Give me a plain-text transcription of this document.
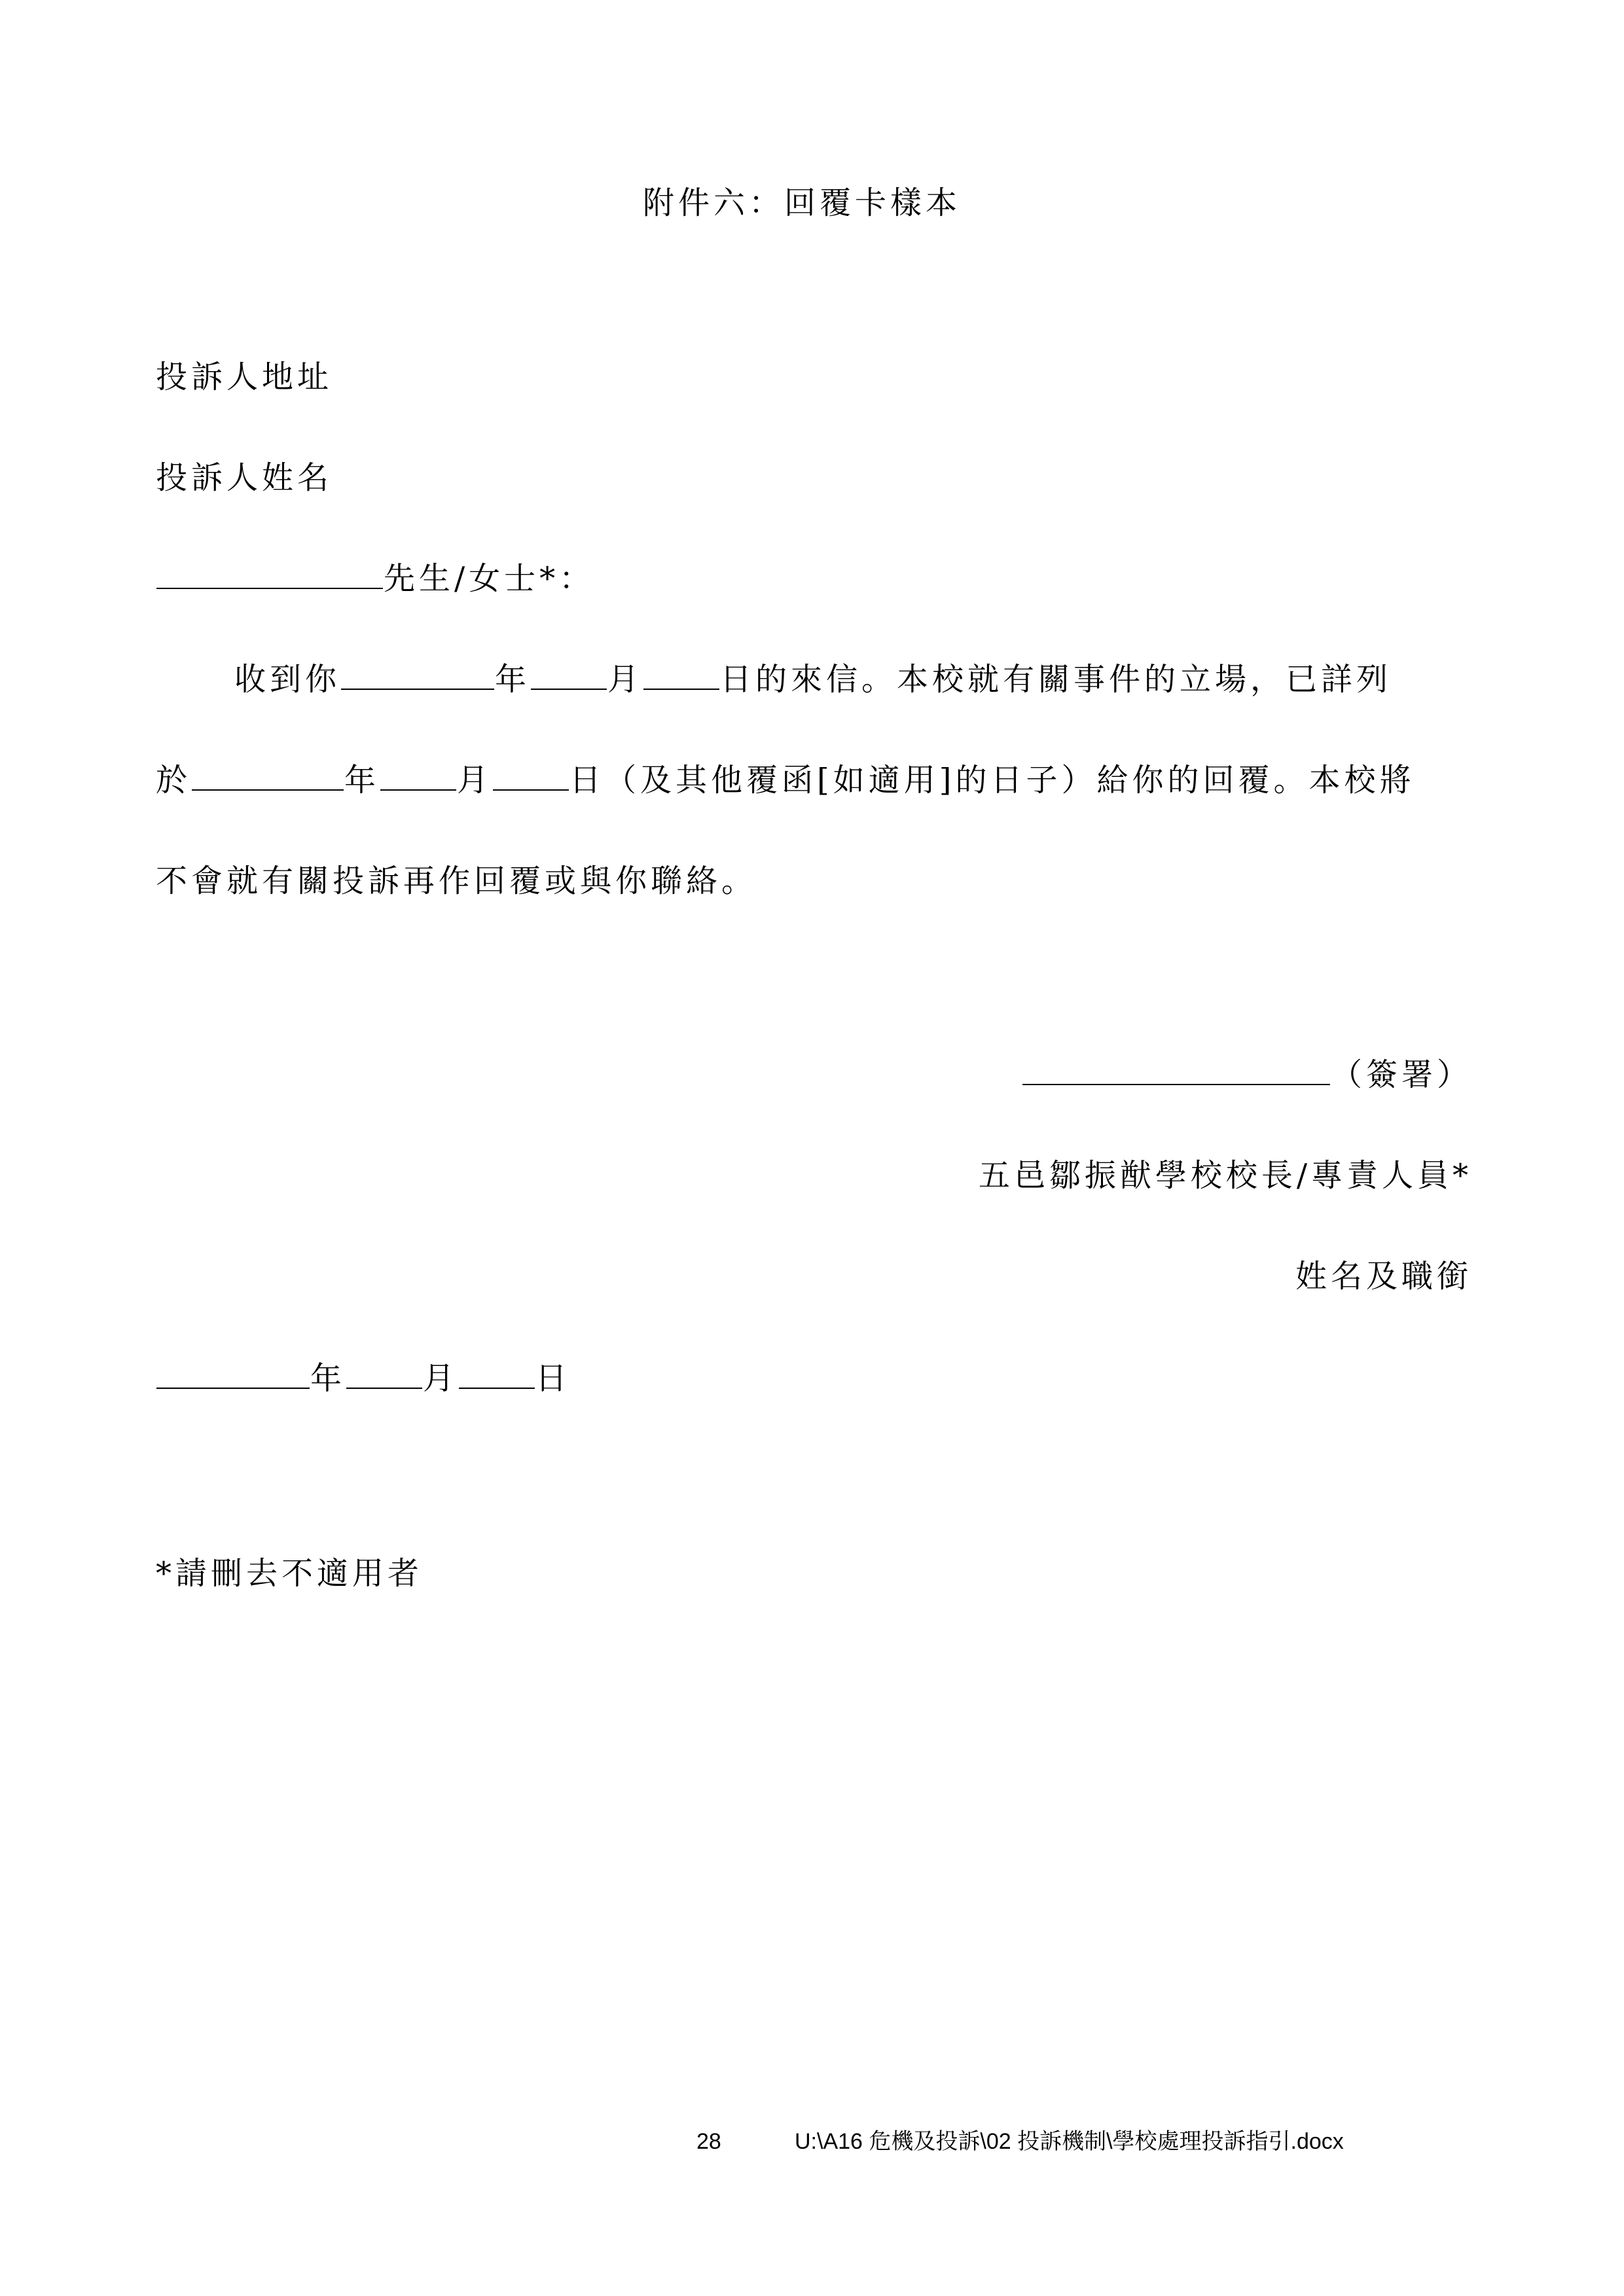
附件六：回覆卡樣本
投訴人地址
投訴人姓名
先生/女士*：
收到你	年 月 日的來信。本校就有關事件的立場，已詳列
於	年 月 日（及其他覆函[如適用]的日子）給你的回覆。本校將
不會就有關投訴再作回覆或與你聯絡。
（簽署）
五邑鄒振猷學校校長/專責人員*
姓名及職銜
年 月 日
*請刪去不適用者
28	U:\A16 危機及投訴\02 投訴機制\學校處理投訴指引.docx
